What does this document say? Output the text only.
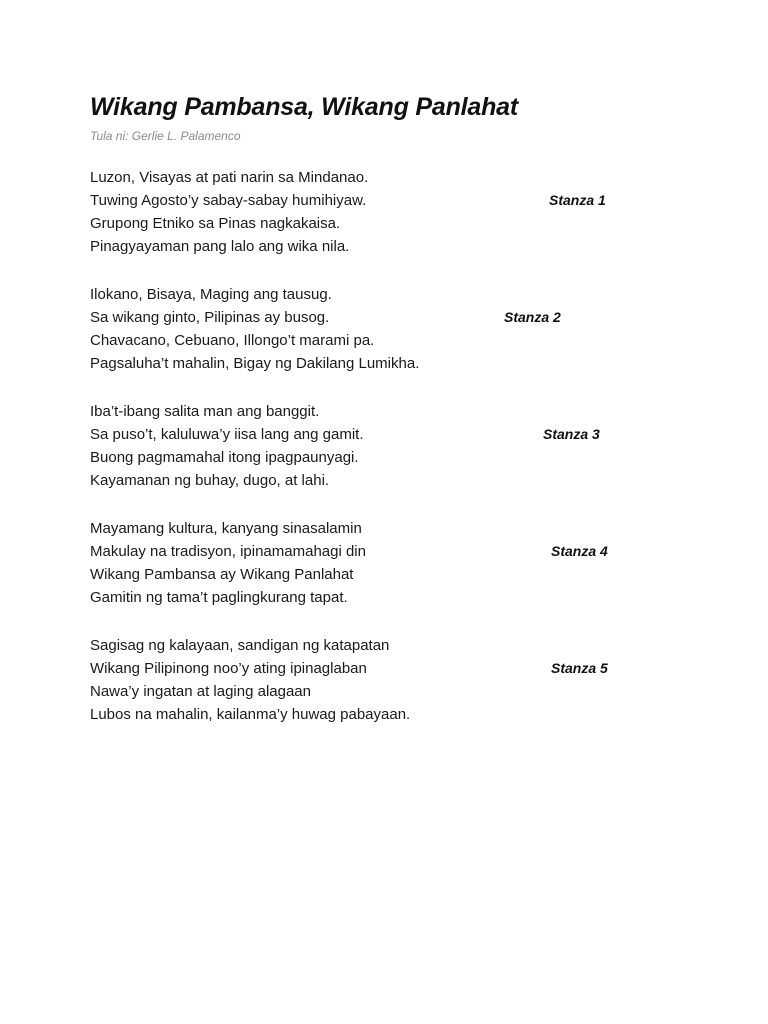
Wikang Pambansa, Wikang Panlahat
Tula ni: Gerlie L. Palamenco
Luzon, Visayas at pati narin sa Mindanao.
Tuwing Agosto’y sabay-sabay humihiyaw.
Grupong Etniko sa Pinas nagkakaisa.
Pinagyayaman pang lalo ang wika nila.
Stanza 1
Ilokano, Bisaya, Maging ang tausug.
Sa wikang ginto, Pilipinas ay busog.
Chavacano, Cebuano, Illongo’t marami pa.
Pagsaluha’t mahalin, Bigay ng Dakilang Lumikha.
Stanza 2
Iba’t-ibang salita man ang banggit.
Sa puso’t, kaluluwa’y iisa lang ang gamit.
Buong pagmamahal itong ipagpaunyagi.
Kayamanan ng buhay, dugo, at lahi.
Stanza 3
Mayamang kultura, kanyang sinasalamin
Makulay na tradisyon, ipinamamahagi din
Wikang Pambansa ay Wikang Panlahat
Gamitin ng tama’t paglingkurang tapat.
Stanza 4
Sagisag ng kalayaan, sandigan ng katapatan
Wikang Pilipinong noo’y ating ipinaglaban
Nawa’y ingatan at laging alagaan
Lubos na mahalin, kailanma’y huwag pabayaan.
Stanza 5
